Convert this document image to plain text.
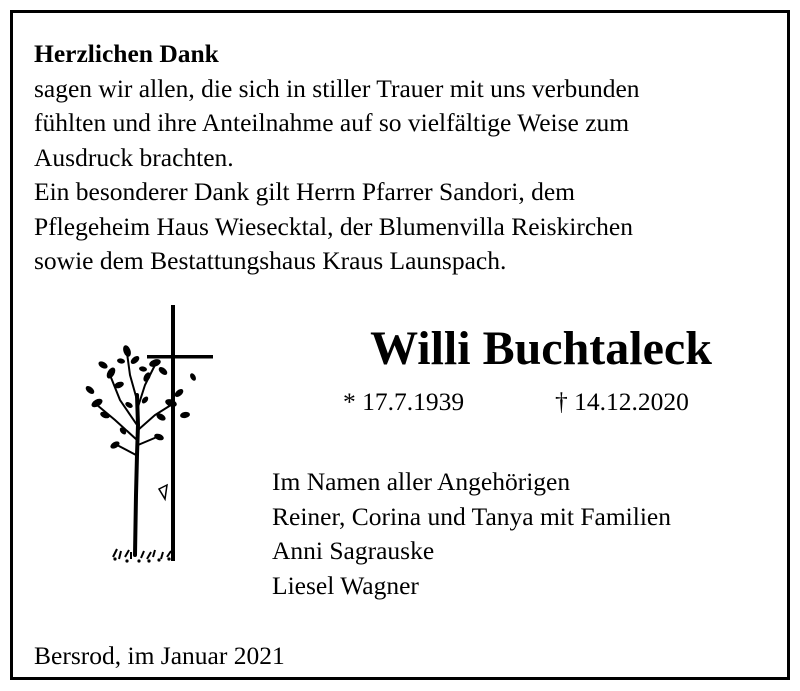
Herzlichen Dank
sagen wir allen, die sich in stiller Trauer mit uns verbunden
fühlten und ihre Anteilnahme auf so vielfältige Weise zum
Ausdruck brachten.
Ein besonderer Dank gilt Herrn Pfarrer Sandori, dem
Pflegeheim Haus Wiesecktal, der Blumenvilla Reiskirchen
sowie dem Bestattungshaus Kraus Launspach.
Willi Buchtaleck
* 17.7.1939	† 14.12.2020
Im Namen aller Angehörigen
Reiner, Corina und Tanya mit Familien
Anni Sagrauske
Liesel Wagner
Bersrod, im Januar 2021
